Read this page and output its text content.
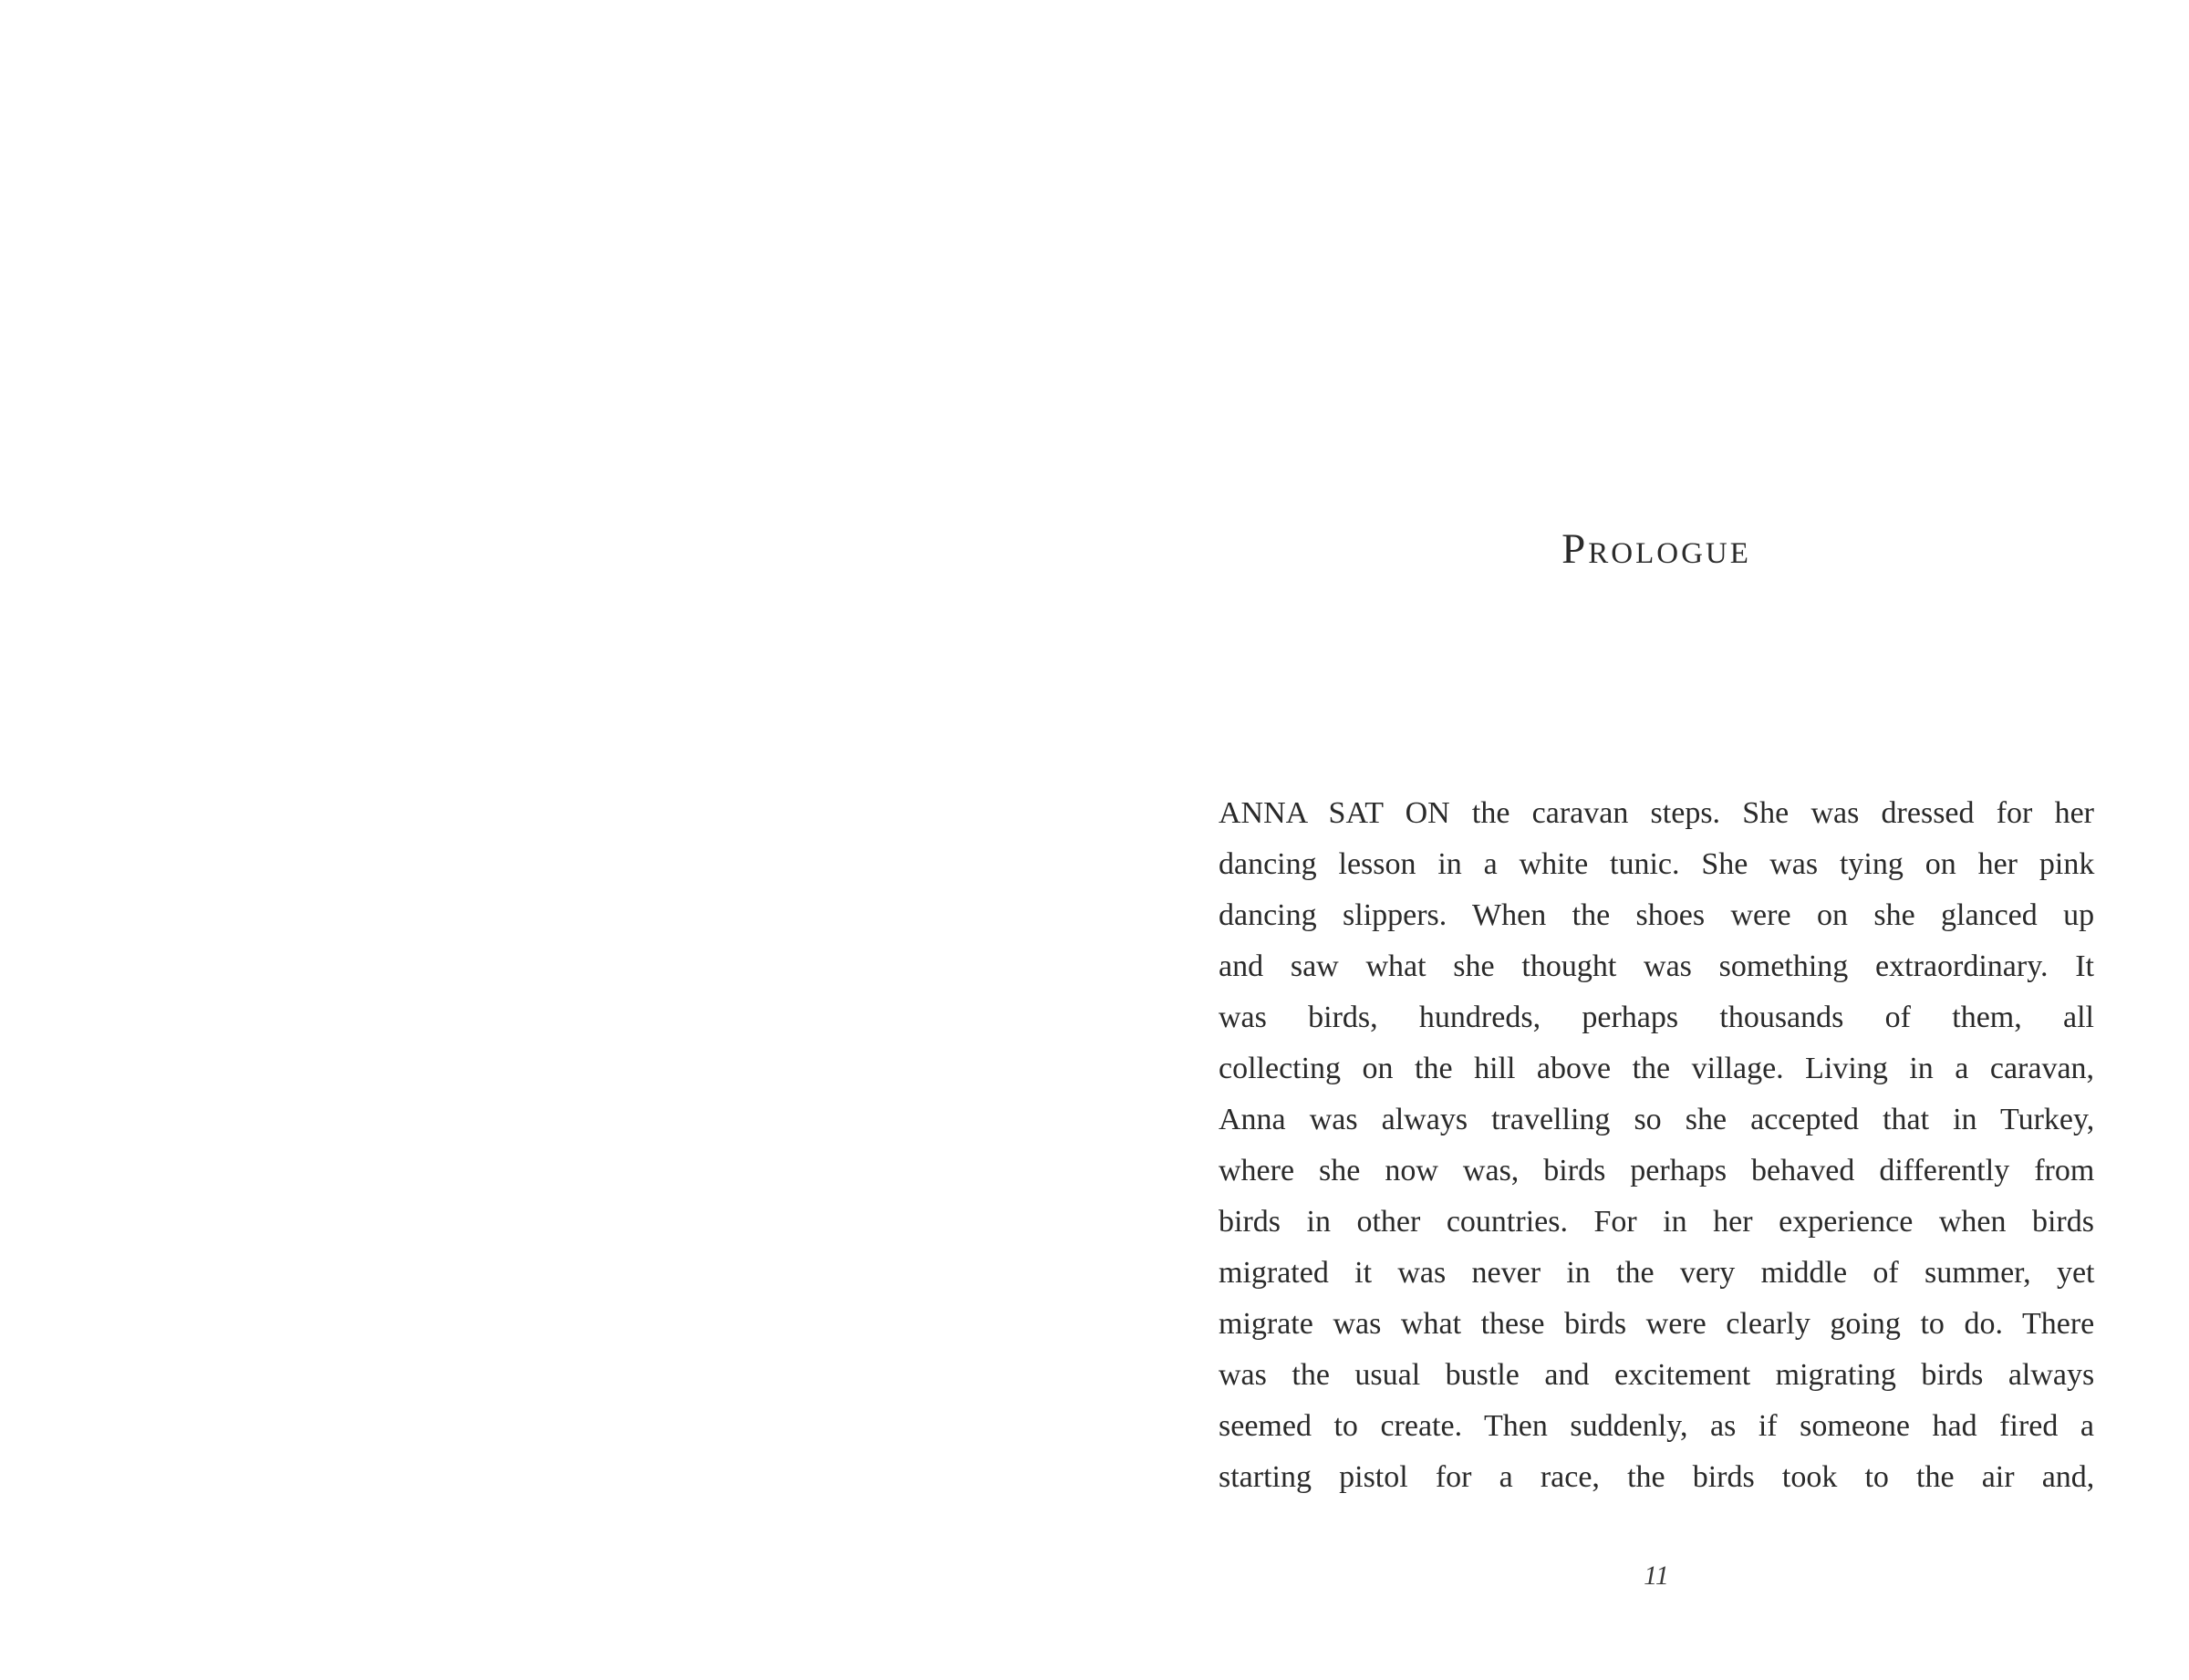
Prologue
ANNA SAT ON the caravan steps. She was dressed for her
dancing lesson in a white tunic. She was tying on her pink
dancing slippers. When the shoes were on she glanced up
and saw what she thought was something extraordinary. It
was birds, hundreds, perhaps thousands of them, all
collecting on the hill above the village. Living in a caravan,
Anna was always travelling so she accepted that in Turkey,
where she now was, birds perhaps behaved differently from
birds in other countries. For in her experience when birds
migrated it was never in the very middle of summer, yet
migrate was what these birds were clearly going to do. There
was the usual bustle and excitement migrating birds always
seemed to create. Then suddenly, as if someone had fired a
starting pistol for a race, the birds took to the air and,

11
